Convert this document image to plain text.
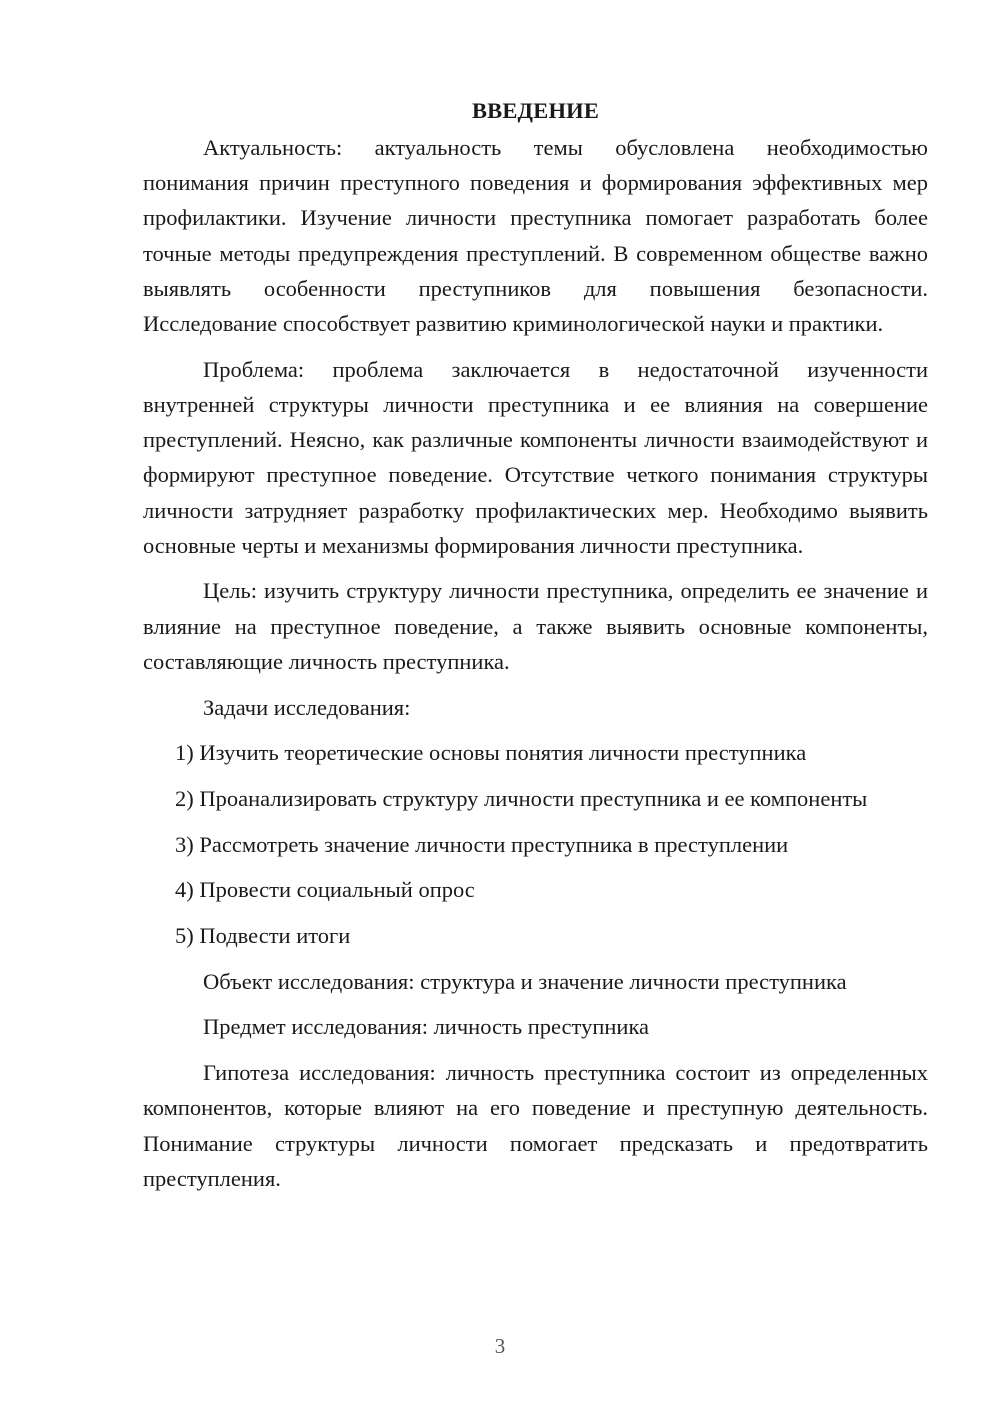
ВВЕДЕНИЕ

Актуальность: актуальность темы обусловлена необходимостью понимания причин преступного поведения и формирования эффективных мер профилактики. Изучение личности преступника помогает разработать более точные методы предупреждения преступлений. В современном обществе важно выявлять особенности преступников для повышения безопасности. Исследование способствует развитию криминологической науки и практики.

Проблема: проблема заключается в недостаточной изученности внутренней структуры личности преступника и ее влияния на совершение преступлений. Неясно, как различные компоненты личности взаимодействуют и формируют преступное поведение. Отсутствие четкого понимания структуры личности затрудняет разработку профилактических мер. Необходимо выявить основные черты и механизмы формирования личности преступника.

Цель: изучить структуру личности преступника, определить ее значение и влияние на преступное поведение, а также выявить основные компоненты, составляющие личность преступника.

Задачи исследования:

1) Изучить теоретические основы понятия личности преступника

2) Проанализировать структуру личности преступника и ее компоненты

3) Рассмотреть значение личности преступника в преступлении

4) Провести социальный опрос

5) Подвести итоги

Объект исследования: структура и значение личности преступника

Предмет исследования: личность преступника

Гипотеза исследования: личность преступника состоит из определенных компонентов, которые влияют на его поведение и преступную деятельность. Понимание структуры личности помогает предсказать и предотвратить преступления.

3
